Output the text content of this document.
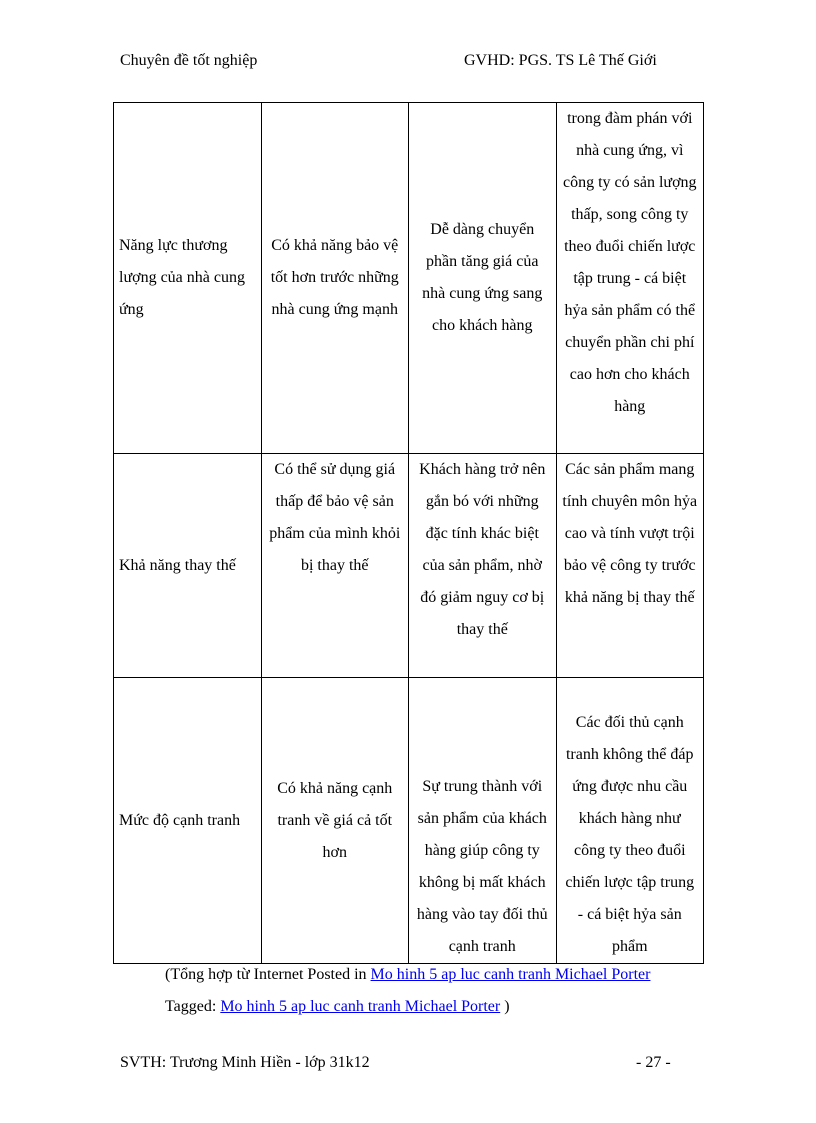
Chuyên đề tốt nghiệp	GVHD: PGS. TS Lê Thế Giới
Năng lực thương lượng của nhà cung ứng	Có khả năng bảo vệ tốt hơn trước những nhà cung ứng mạnh	Dễ dàng chuyển phần tăng giá của nhà cung ứng sang cho khách hàng	trong đàm phán với nhà cung ứng, vì công ty có sản lượng thấp, song công ty theo đuổi chiến lược tập trung - cá biệt hỷa sản phẩm có thể chuyển phần chi phí cao hơn cho khách hàng
Khả năng thay thế	Có thể sử dụng giá thấp để bảo vệ sản phẩm của mình khỏi bị thay thế	Khách hàng trở nên gắn bó với những đặc tính khác biệt của sản phẩm, nhờ đó giảm nguy cơ bị thay thế	Các sản phẩm mang tính chuyên môn hỷa cao và tính vượt trội bảo vệ công ty trước khả năng bị thay thế
Mức độ cạnh tranh	Có khả năng cạnh tranh về giá cả tốt hơn	Sự trung thành với sản phẩm của khách hàng giúp công ty không bị mất khách hàng vào tay đối thủ cạnh tranh	Các đối thủ cạnh tranh không thể đáp ứng được nhu cầu khách hàng như công ty theo đuổi chiến lược tập trung - cá biệt hỷa sản phẩm
(Tổng hợp từ Internet Posted in Mo hinh 5 ap luc canh tranh Michael Porter
Tagged: Mo hinh 5 ap luc canh tranh Michael Porter )
SVTH: Trương Minh Hiền - lớp 31k12	- 27 -
